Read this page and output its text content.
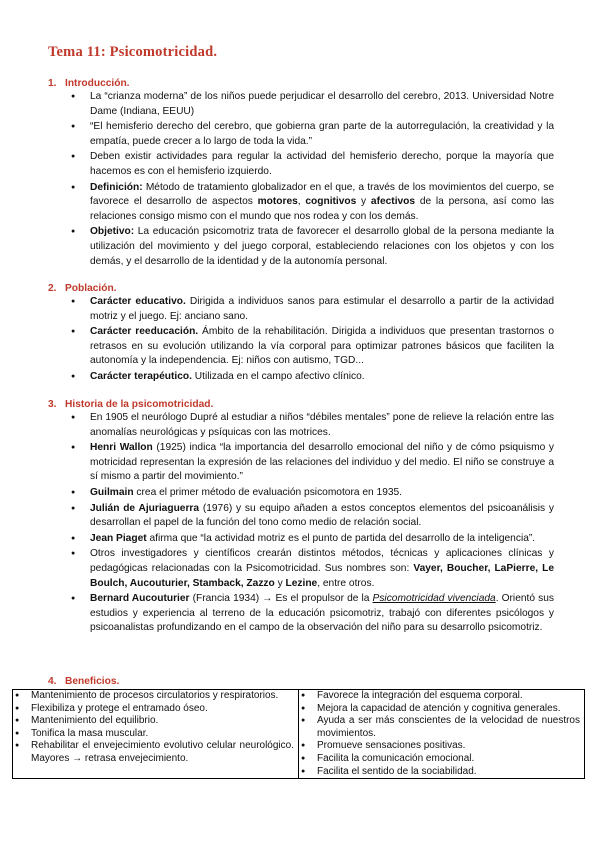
Tema 11: Psicomotricidad.
1. Introducción.
● La “crianza moderna” de los niños puede perjudicar el desarrollo del cerebro, 2013. Universidad Notre Dame (Indiana, EEUU)
● “El hemisferio derecho del cerebro, que gobierna gran parte de la autorregulación, la creatividad y la empatía, puede crecer a lo largo de toda la vida.”
● Deben existir actividades para regular la actividad del hemisferio derecho, porque la mayoría que hacemos es con el hemisferio izquierdo.
● Definición: Método de tratamiento globalizador en el que, a través de los movimientos del cuerpo, se favorece el desarrollo de aspectos motores, cognitivos y afectivos de la persona, así como las relaciones consigo mismo con el mundo que nos rodea y con los demás.
● Objetivo: La educación psicomotriz trata de favorecer el desarrollo global de la persona mediante la utilización del movimiento y del juego corporal, estableciendo relaciones con los objetos y con los demás, y el desarrollo de la identidad y de la autonomía personal.
2. Población.
● Carácter educativo. Dirigida a individuos sanos para estimular el desarrollo a partir de la actividad motriz y el juego. Ej: anciano sano.
● Carácter reeducación. Ámbito de la rehabilitación. Dirigida a individuos que presentan trastornos o retrasos en su evolución utilizando la vía corporal para optimizar patrones básicos que faciliten la autonomía y la independencia. Ej: niños con autismo, TGD...
● Carácter terapéutico. Utilizada en el campo afectivo clínico.
3. Historia de la psicomotricidad.
● En 1905 el neurólogo Dupré al estudiar a niños “débiles mentales” pone de relieve la relación entre las anomalías neurológicas y psíquicas con las motrices.
● Henri Wallon (1925) indica “la importancia del desarrollo emocional del niño y de cómo psiquismo y motricidad representan la expresión de las relaciones del individuo y del medio. El niño se construye a sí mismo a partir del movimiento.”
● Guilmain crea el primer método de evaluación psicomotora en 1935.
● Julián de Ajuriaguerra (1976) y su equipo añaden a estos conceptos elementos del psicoanálisis y desarrollan el papel de la función del tono como medio de relación social.
● Jean Piaget afirma que “la actividad motriz es el punto de partida del desarrollo de la inteligencia”.
● Otros investigadores y científicos crearán distintos métodos, técnicas y aplicaciones clínicas y pedagógicas relacionadas con la Psicomotricidad. Sus nombres son: Vayer, Boucher, LaPierre, Le Boulch, Aucouturier, Stamback, Zazzo y Lezine, entre otros.
● Bernard Aucouturier (Francia 1934) → Es el propulsor de la Psicomotricidad vivenciada. Orientó sus estudios y experiencia al terreno de la educación psicomotriz, trabajó con diferentes psicólogos y psicoanalistas profundizando en el campo de la observación del niño para su desarrollo psicomotriz.
4. Beneficios.
● Mantenimiento de procesos circulatorios y respiratorios.
● Flexibiliza y protege el entramado óseo.
● Mantenimiento del equilibrio.
● Tonifica la masa muscular.
● Rehabilitar el envejecimiento evolutivo celular neurológico. Mayores → retrasa envejecimiento.

● Favorece la integración del esquema corporal.
● Mejora la capacidad de atención y cognitiva generales.
● Ayuda a ser más conscientes de la velocidad de nuestros movimientos.
● Promueve sensaciones positivas.
● Facilita la comunicación emocional.
● Facilita el sentido de la sociabilidad.
